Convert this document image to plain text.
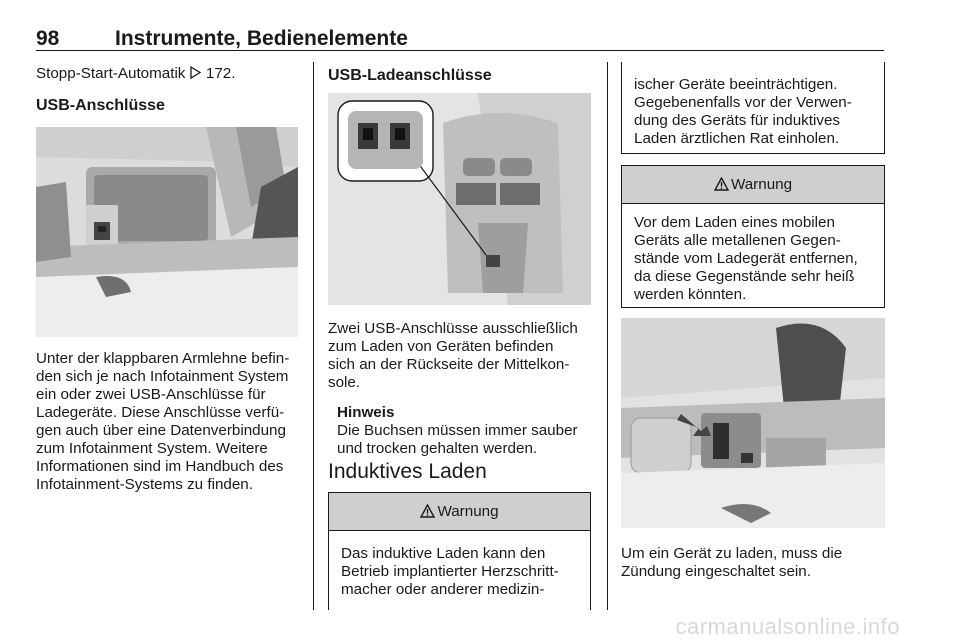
98	Instrumente, Bedienelemente
Stopp-Start-Automatik 172.
USB-Anschlüsse
Unter der klappbaren Armlehne befin-
den sich je nach Infotainment System
ein oder zwei USB-Anschlüsse für
Ladegeräte. Diese Anschlüsse verfü-
gen auch über eine Datenverbindung
zum Infotainment System. Weitere
Informationen sind im Handbuch des
Infotainment-Systems zu finden.
USB-Ladeanschlüsse
Zwei USB-Anschlüsse ausschließlich
zum Laden von Geräten befinden
sich an der Rückseite der Mittelkon-
sole.
Hinweis
Die Buchsen müssen immer sauber
und trocken gehalten werden.
Induktives Laden
Warnung
Das induktive Laden kann den
Betrieb implantierter Herzschritt-
macher oder anderer medizin-
ischer Geräte beeinträchtigen.
Gegebenenfalls vor der Verwen-
dung des Geräts für induktives
Laden ärztlichen Rat einholen.
Warnung
Vor dem Laden eines mobilen
Geräts alle metallenen Gegen-
stände vom Ladegerät entfernen,
da diese Gegenstände sehr heiß
werden könnten.
Um ein Gerät zu laden, muss die
Zündung eingeschaltet sein.
carmanualsonline.info
